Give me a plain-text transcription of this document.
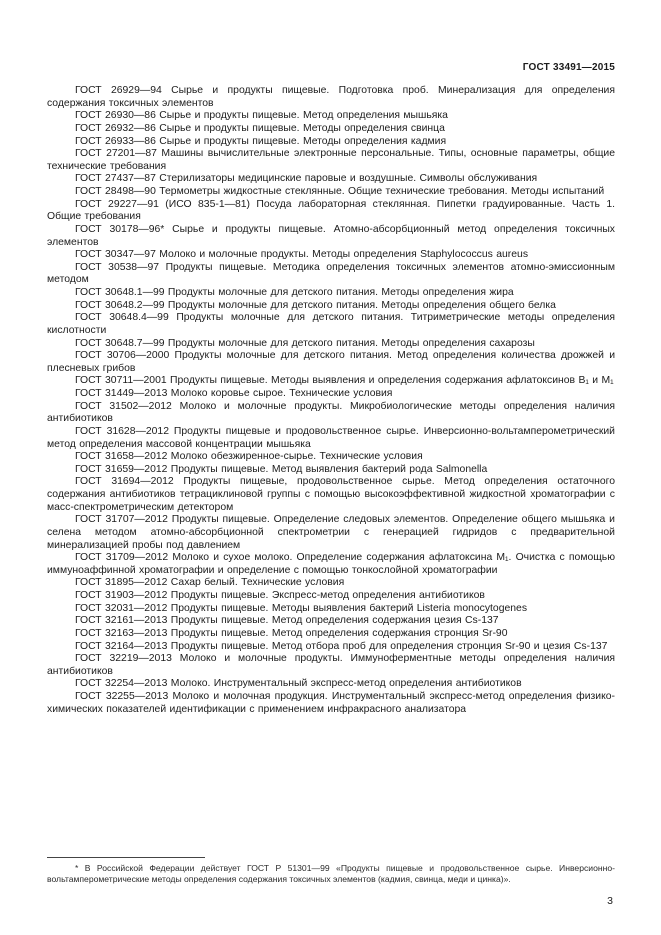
ГОСТ 33491—2015

ГОСТ 26929—94 Сырье и продукты пищевые. Подготовка проб. Минерализация для определения содержания токсичных элементов

ГОСТ 26930—86 Сырье и продукты пищевые. Метод определения мышьяка

ГОСТ 26932—86 Сырье и продукты пищевые. Методы определения свинца

ГОСТ 26933—86 Сырье и продукты пищевые. Методы определения кадмия

ГОСТ 27201—87 Машины вычислительные электронные персональные. Типы, основные параметры, общие технические требования

ГОСТ 27437—87 Стерилизаторы медицинские паровые и воздушные. Символы обслуживания

ГОСТ 28498—90 Термометры жидкостные стеклянные. Общие технические требования. Методы испытаний

ГОСТ 29227—91 (ИСО 835-1—81) Посуда лабораторная стеклянная. Пипетки градуированные. Часть 1. Общие требования

ГОСТ 30178—96* Сырье и продукты пищевые. Атомно-абсорбционный метод определения токсичных элементов

ГОСТ 30347—97 Молоко и молочные продукты. Методы определения Staphylococcus aureus

ГОСТ 30538—97 Продукты пищевые. Методика определения токсичных элементов атомно-эмиссионным методом

ГОСТ 30648.1—99 Продукты молочные для детского питания. Методы определения жира

ГОСТ 30648.2—99 Продукты молочные для детского питания. Методы определения общего белка

ГОСТ 30648.4—99 Продукты молочные для детского питания. Титриметрические методы определения кислотности

ГОСТ 30648.7—99 Продукты молочные для детского питания. Методы определения сахарозы

ГОСТ 30706—2000 Продукты молочные для детского питания. Метод определения количества дрожжей и плесневых грибов

ГОСТ 30711—2001 Продукты пищевые. Методы выявления и определения содержания афлатоксинов В₁ и М₁

ГОСТ 31449—2013 Молоко коровье сырое. Технические условия

ГОСТ 31502—2012 Молоко и молочные продукты. Микробиологические методы определения наличия антибиотиков

ГОСТ 31628—2012 Продукты пищевые и продовольственное сырье. Инверсионно-вольтамперометрический метод определения массовой концентрации мышьяка

ГОСТ 31658—2012 Молоко обезжиренное-сырье. Технические условия

ГОСТ 31659—2012 Продукты пищевые. Метод выявления бактерий рода Salmonella

ГОСТ 31694—2012 Продукты пищевые, продовольственное сырье. Метод определения остаточного содержания антибиотиков тетрациклиновой группы с помощью высокоэффективной жидкостной хроматографии с масс-спектрометрическим детектором

ГОСТ 31707—2012 Продукты пищевые. Определение следовых элементов. Определение общего мышьяка и селена методом атомно-абсорбционной спектрометрии с генерацией гидридов с предварительной минерализацией пробы под давлением

ГОСТ 31709—2012 Молоко и сухое молоко. Определение содержания афлатоксина М₁. Очистка с помощью иммуноаффинной хроматографии и определение с помощью тонкослойной хроматографии

ГОСТ 31895—2012 Сахар белый. Технические условия

ГОСТ 31903—2012 Продукты пищевые. Экспресс-метод определения антибиотиков

ГОСТ 32031—2012 Продукты пищевые. Методы выявления бактерий Listeria monocytogenes

ГОСТ 32161—2013 Продукты пищевые. Метод определения содержания цезия Cs-137

ГОСТ 32163—2013 Продукты пищевые. Метод определения содержания стронция Sr-90

ГОСТ 32164—2013 Продукты пищевые. Метод отбора проб для определения стронция Sr-90 и цезия Cs-137

ГОСТ 32219—2013 Молоко и молочные продукты. Иммуноферментные методы определения наличия антибиотиков

ГОСТ 32254—2013 Молоко. Инструментальный экспресс-метод определения антибиотиков

ГОСТ 32255—2013 Молоко и молочная продукция. Инструментальный экспресс-метод определения физико-химических показателей идентификации с применением инфракрасного анализатора

* В Российской Федерации действует ГОСТ Р 51301—99 «Продукты пищевые и продовольственное сырье. Инверсионно-вольтамперометрические методы определения содержания токсичных элементов (кадмия, свинца, меди и цинка)».
3
